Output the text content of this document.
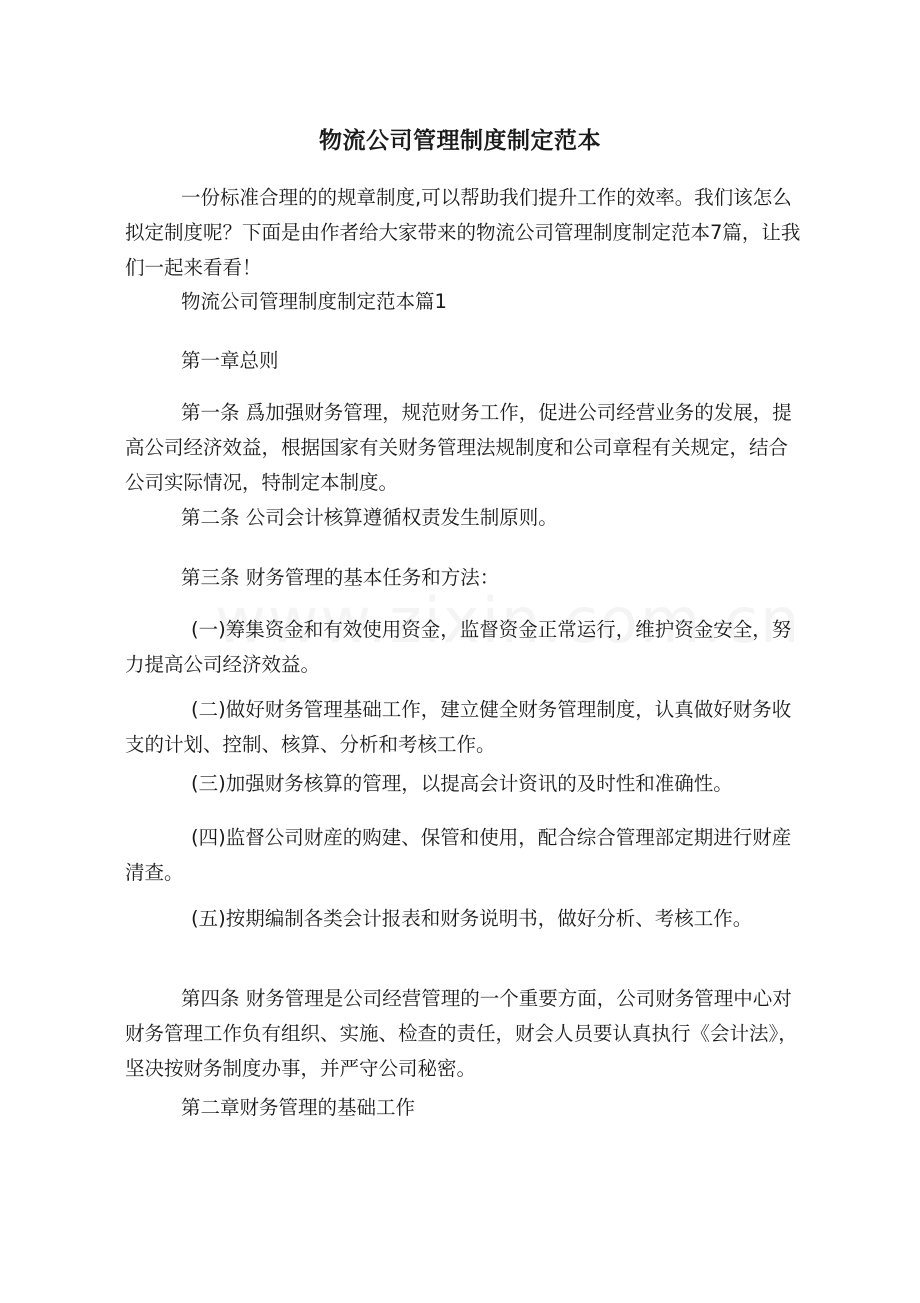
物流公司管理制度制定范本

一份标准合理的的规章制度,可以帮助我们提升工作的效率。我们该怎么拟定制度呢？下面是由作者给大家带来的物流公司管理制度制定范本7篇，让我们一起来看看！

物流公司管理制度制定范本篇1

第一章总则

第一条 爲加强财务管理，规范财务工作，促进公司经营业务的发展，提高公司经济效益，根据国家有关财务管理法规制度和公司章程有关规定，结合公司实际情况，特制定本制度。

第二条 公司会计核算遵循权责发生制原则。

第三条 财务管理的基本任务和方法：

(一)筹集资金和有效使用资金，监督资金正常运行，维护资金安全，努力提高公司经济效益。

(二)做好财务管理基础工作，建立健全财务管理制度，认真做好财务收支的计划、控制、核算、分析和考核工作。

(三)加强财务核算的管理，以提高会计资讯的及时性和准确性。

(四)监督公司财産的购建、保管和使用，配合综合管理部定期进行财産清查。

(五)按期编制各类会计报表和财务说明书，做好分析、考核工作。

第四条 财务管理是公司经营管理的一个重要方面，公司财务管理中心对财务管理工作负有组织、实施、检查的责任，财会人员要认真执行《会计法》，坚决按财务制度办事，并严守公司秘密。

第二章财务管理的基础工作
